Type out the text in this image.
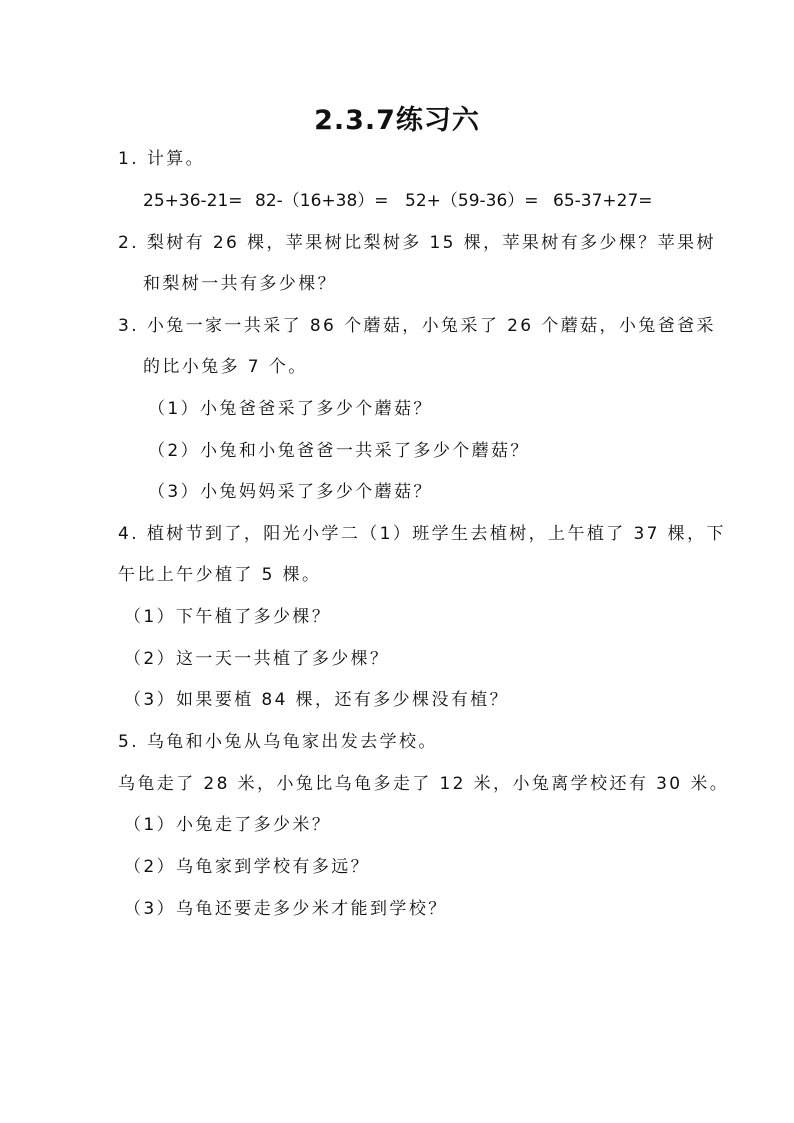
2.3.7练习六
1. 计算。
25+36-21= 82-（16+38）= 52+（59-36）= 65-37+27=
2. 梨树有 26 棵，苹果树比梨树多 15 棵，苹果树有多少棵？苹果树
和梨树一共有多少棵？
3. 小兔一家一共采了 86 个蘑菇，小兔采了 26 个蘑菇，小兔爸爸采
的比小兔多 7 个。
（1）小兔爸爸采了多少个蘑菇？
（2）小兔和小兔爸爸一共采了多少个蘑菇？
（3）小兔妈妈采了多少个蘑菇？
4. 植树节到了，阳光小学二（1）班学生去植树，上午植了 37 棵，下
午比上午少植了 5 棵。
（1）下午植了多少棵？
（2）这一天一共植了多少棵？
（3）如果要植 84 棵，还有多少棵没有植？
5. 乌龟和小兔从乌龟家出发去学校。
乌龟走了 28 米，小兔比乌龟多走了 12 米，小兔离学校还有 30 米。
（1）小兔走了多少米？
（2）乌龟家到学校有多远？
（3）乌龟还要走多少米才能到学校？
